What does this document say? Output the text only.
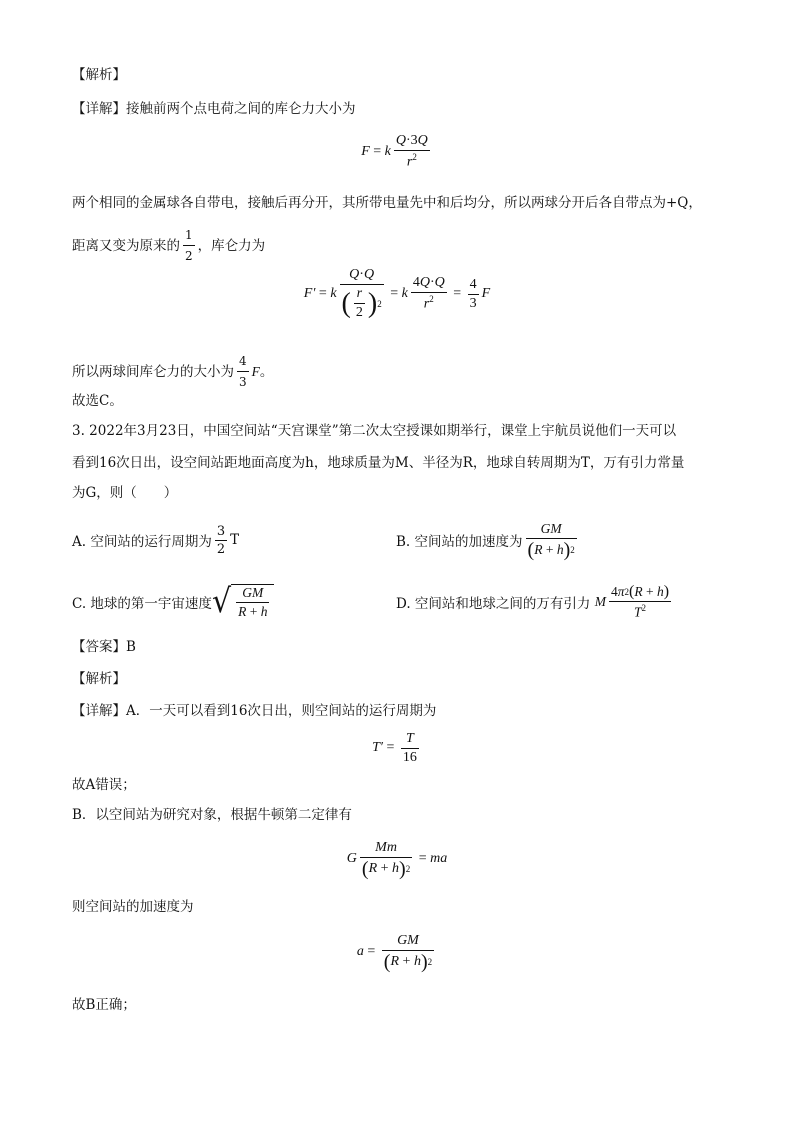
【解析】
【详解】接触前两个点电荷之间的库仑力大小为
F = k $\frac{Q\cdot 3Q}{r^2}$
两个相同的金属球各自带电，接触后再分开，其所带电量先中和后均分，所以两球分开后各自带点为+Q，
距离又变为原来的 $\frac{1}{2}$ ，库仑力为
F′ = k $\frac{Q\cdot Q}{( \frac{r}{2} ) 2} = k \frac{4Q\cdot Q}{r^2} = \frac{4}{3}$ F
所以两球间库仑力的大小为 $\frac{4}{3}$ F 。
故选C。
3. 2022年3月23日，中国空间站“天宫课堂”第二次太空授课如期举行，课堂上宇航员说他们一天可以
看到16次日出，设空间站距地面高度为h，地球质量为M、半径为R，地球自转周期为T，万有引力常量
为G，则（　　）
A. 空间站的运行周期为 $\frac{3}{2}$ T	B. 空间站的加速度为 $\frac{GM}{( R + h ) 2}$
C. 地球的第一宇宙速度 √ $\frac{GM}{R + h}$	D. 空间站和地球之间的万有引力
M $\frac{4 \pi 2 ( R + h )}{T^2}$
【答案】B
【解析】
【详解】A．一天可以看到16次日出，则空间站的运行周期为
$T' = \frac{T}{16}$
故A错误；
B．以空间站为研究对象，根据牛顿第二定律有
G $\frac{Mm}{( R + h ) 2}$ = ma
则空间站的加速度为
$a = \frac{GM}{( R + h ) 2}$
故B正确；
